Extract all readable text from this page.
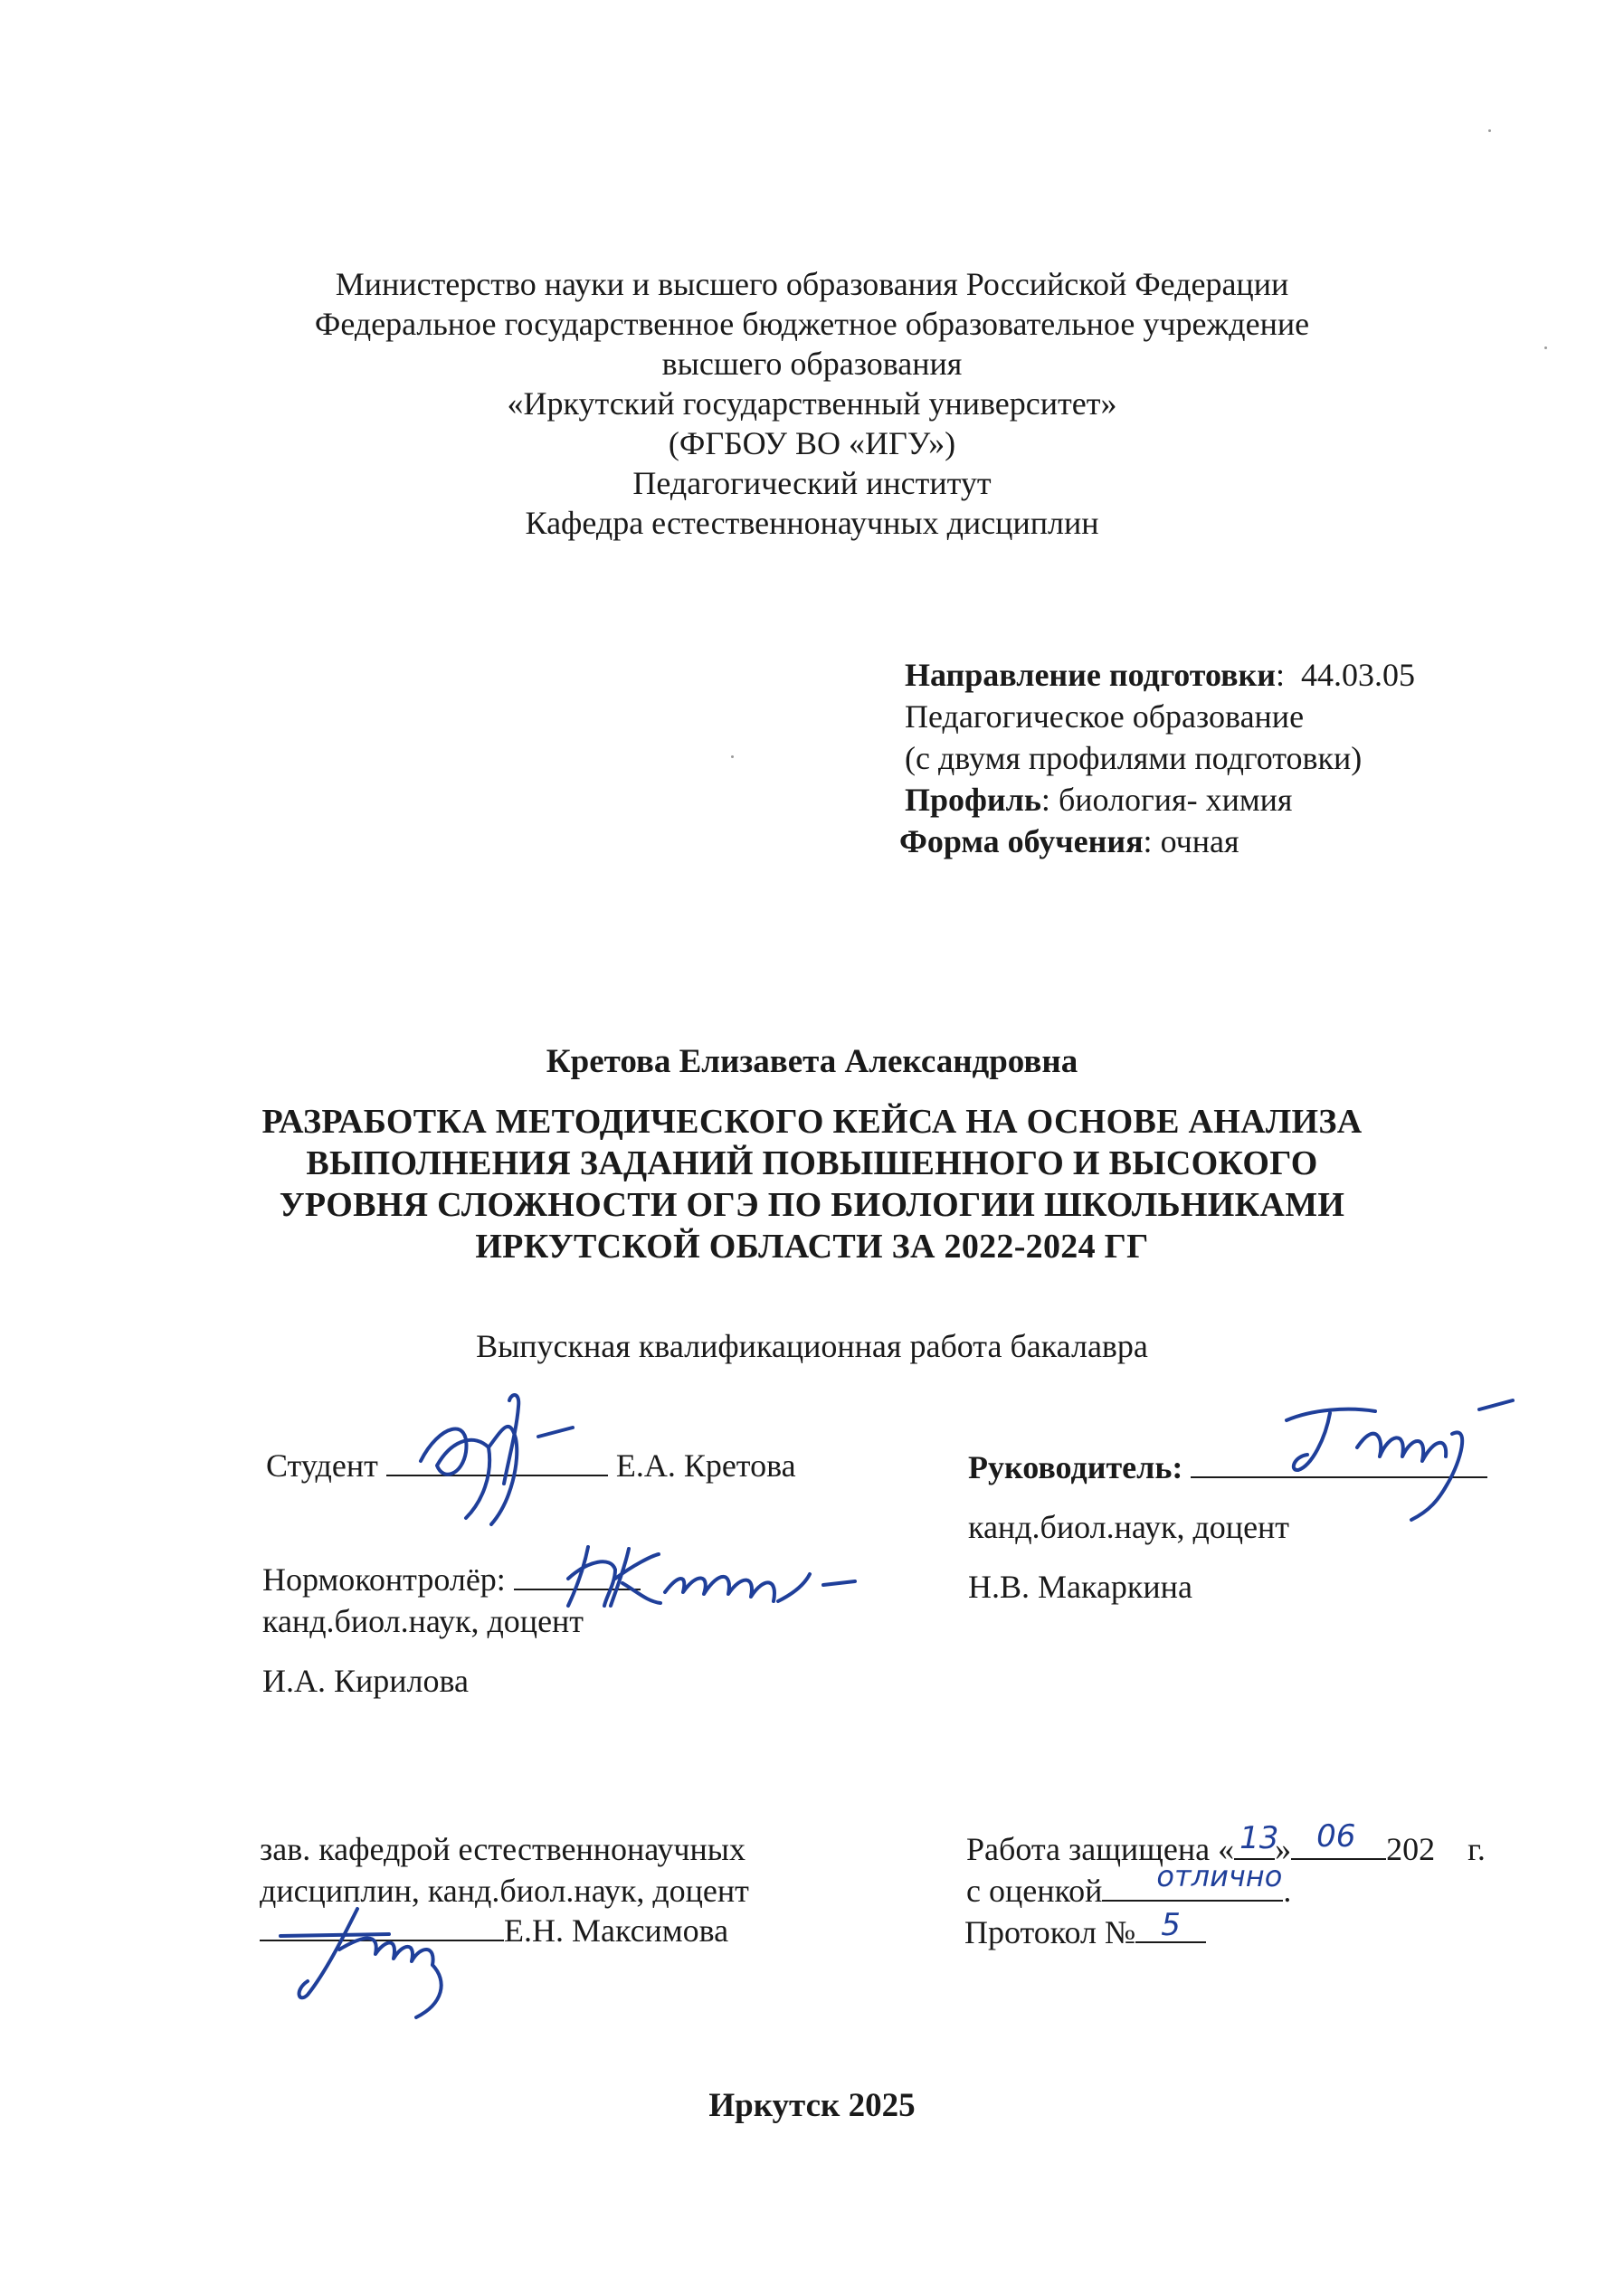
Министерство науки и высшего образования Российской Федерации
Федеральное государственное бюджетное образовательное учреждение
высшего образования
«Иркутский государственный университет»
(ФГБОУ ВО «ИГУ»)
Педагогический институт
Кафедра естественнонаучных дисциплин
Направление подготовки:  44.03.05
Педагогическое образование
(с двумя профилями подготовки)
Профиль: биология- химия
Форма обучения: очная
Кретова Елизавета Александровна
РАЗРАБОТКА МЕТОДИЧЕСКОГО КЕЙСА НА ОСНОВЕ АНАЛИЗА
ВЫПОЛНЕНИЯ ЗАДАНИЙ ПОВЫШЕННОГО И ВЫСОКОГО
УРОВНЯ СЛОЖНОСТИ ОГЭ ПО БИОЛОГИИ ШКОЛЬНИКАМИ
ИРКУТСКОЙ ОБЛАСТИ ЗА 2022-2024 ГГ
Выпускная квалификационная работа бакалавра
Студент	Е.А. Кретова	Руководитель:
канд.биол.наук, доцент
Н.В. Макаркина
Нормоконтролёр:
канд.биол.наук, доцент
И.А. Кирилова
зав. кафедрой естественнонаучных
дисциплин, канд.биол.наук, доцент
Е.Н. Максимова
Работа защищена « 13
» 06 202 г.
с оценкой отлично .
Протокол № 5
Иркутск 2025
